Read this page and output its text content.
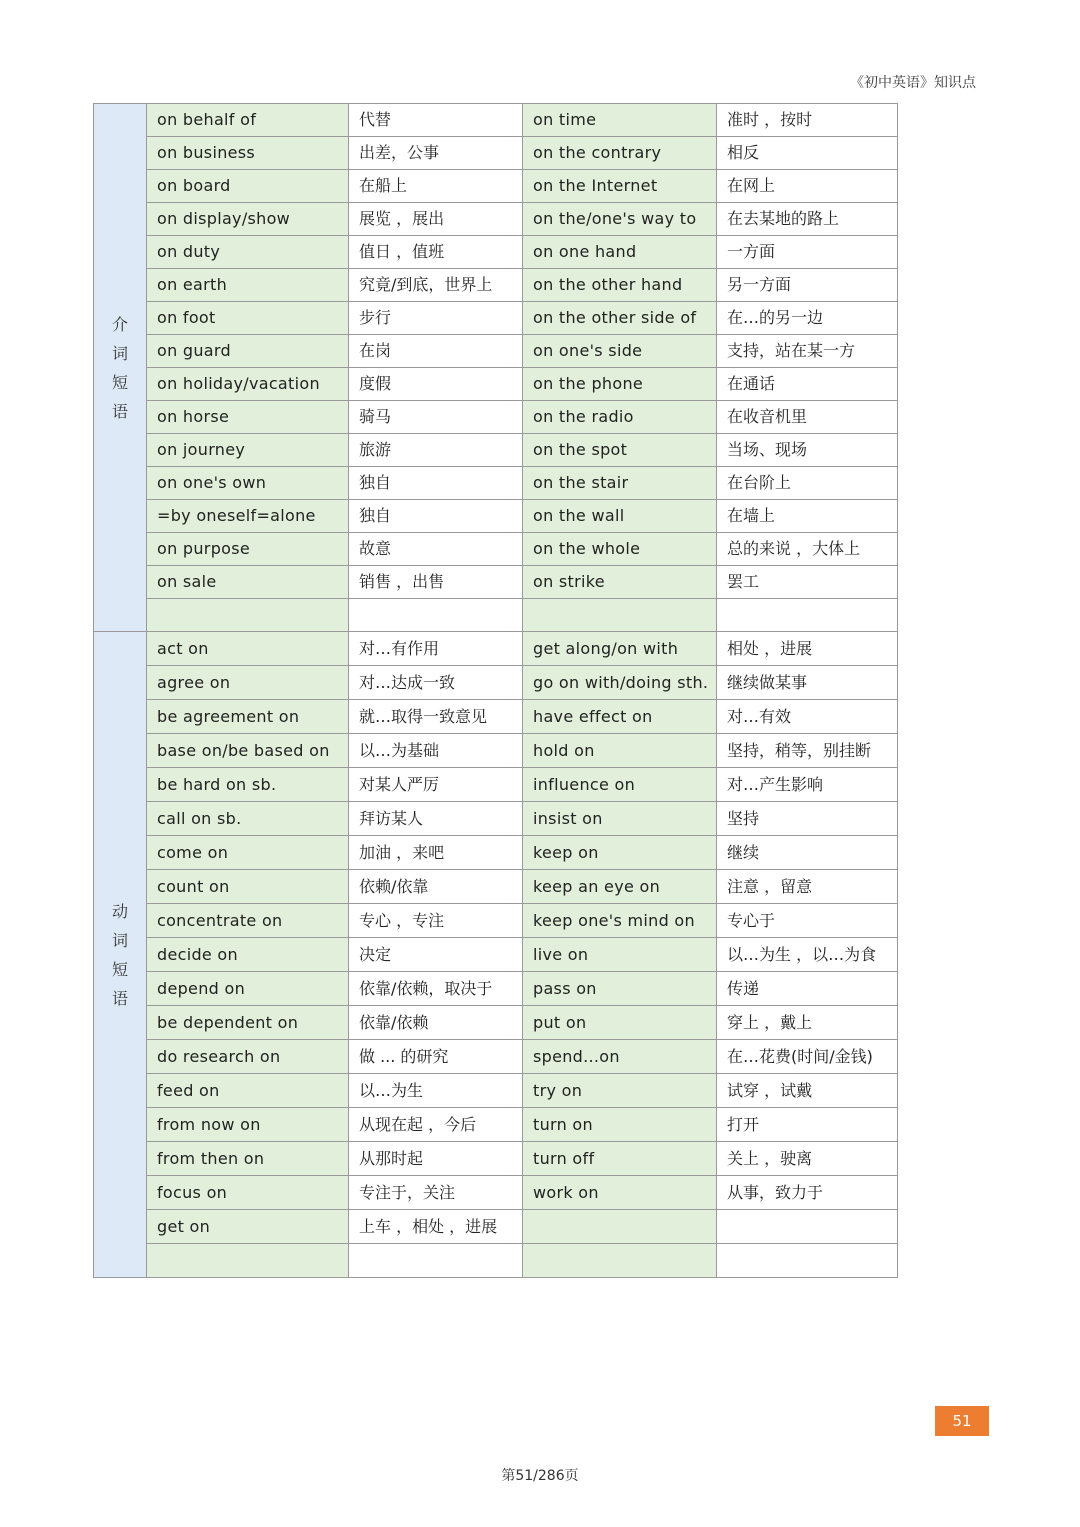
《初中英语》知识点
介
词
短
语	on behalf of	代替	on time	准时 ，按时
	on business	出差，公事	on the contrary	相反
	on board	在船上	on the Internet	在网上
	on display/show	展览 ，展出	on the/one's way to	在去某地的路上
	on duty	值日 ，值班	on one hand	一方面
	on earth	究竟/到底，世界上	on the other hand	另一方面
	on foot	步行	on the other side of	在…的另一边
	on guard	在岗	on one's side	支持，站在某一方
	on holiday/vacation	度假	on the phone	在通话
	on horse	骑马	on the radio	在收音机里
	on journey	旅游	on the spot	当场、现场
	on one's own	独自	on the stair	在台阶上
	=by oneself=alone	独自	on the wall	在墙上
	on purpose	故意	on the whole	总的来说 ，大体上
	on sale	销售 ，出售	on strike	罢工

动
词
短
语	act on	对…有作用	get along/on with	相处 ，进展
	agree on	对…达成一致	go on with/doing sth.	继续做某事
	be agreement on	就…取得一致意见	have effect on	对…有效
	base on/be based on	以…为基础	hold on	坚持，稍等，别挂断
	be hard on sb.	对某人严厉	influence on	对…产生影响
	call on sb.	拜访某人	insist on	坚持
	come on	加油 ，来吧	keep on	继续
	count on	依赖/依靠	keep an eye on	注意 ，留意
	concentrate on	专心 ，专注	keep one's mind on	专心于
	decide on	决定	live on	以…为生 ，以…为食
	depend on	依靠/依赖，取决于	pass on	传递
	be dependent on	依靠/依赖	put on	穿上 ，戴上
	do research on	做 ... 的研究	spend...on	在…花费(时间/金钱)
	feed on	以…为生	try on	试穿 ，试戴
	from now on	从现在起 ，今后	turn on	打开
	from then on	从那时起	turn off	关上 ，驶离
	focus on	专注于，关注	work on	从事，致力于
	get on	上车 ，相处 ，进展		

51
第51/286页
